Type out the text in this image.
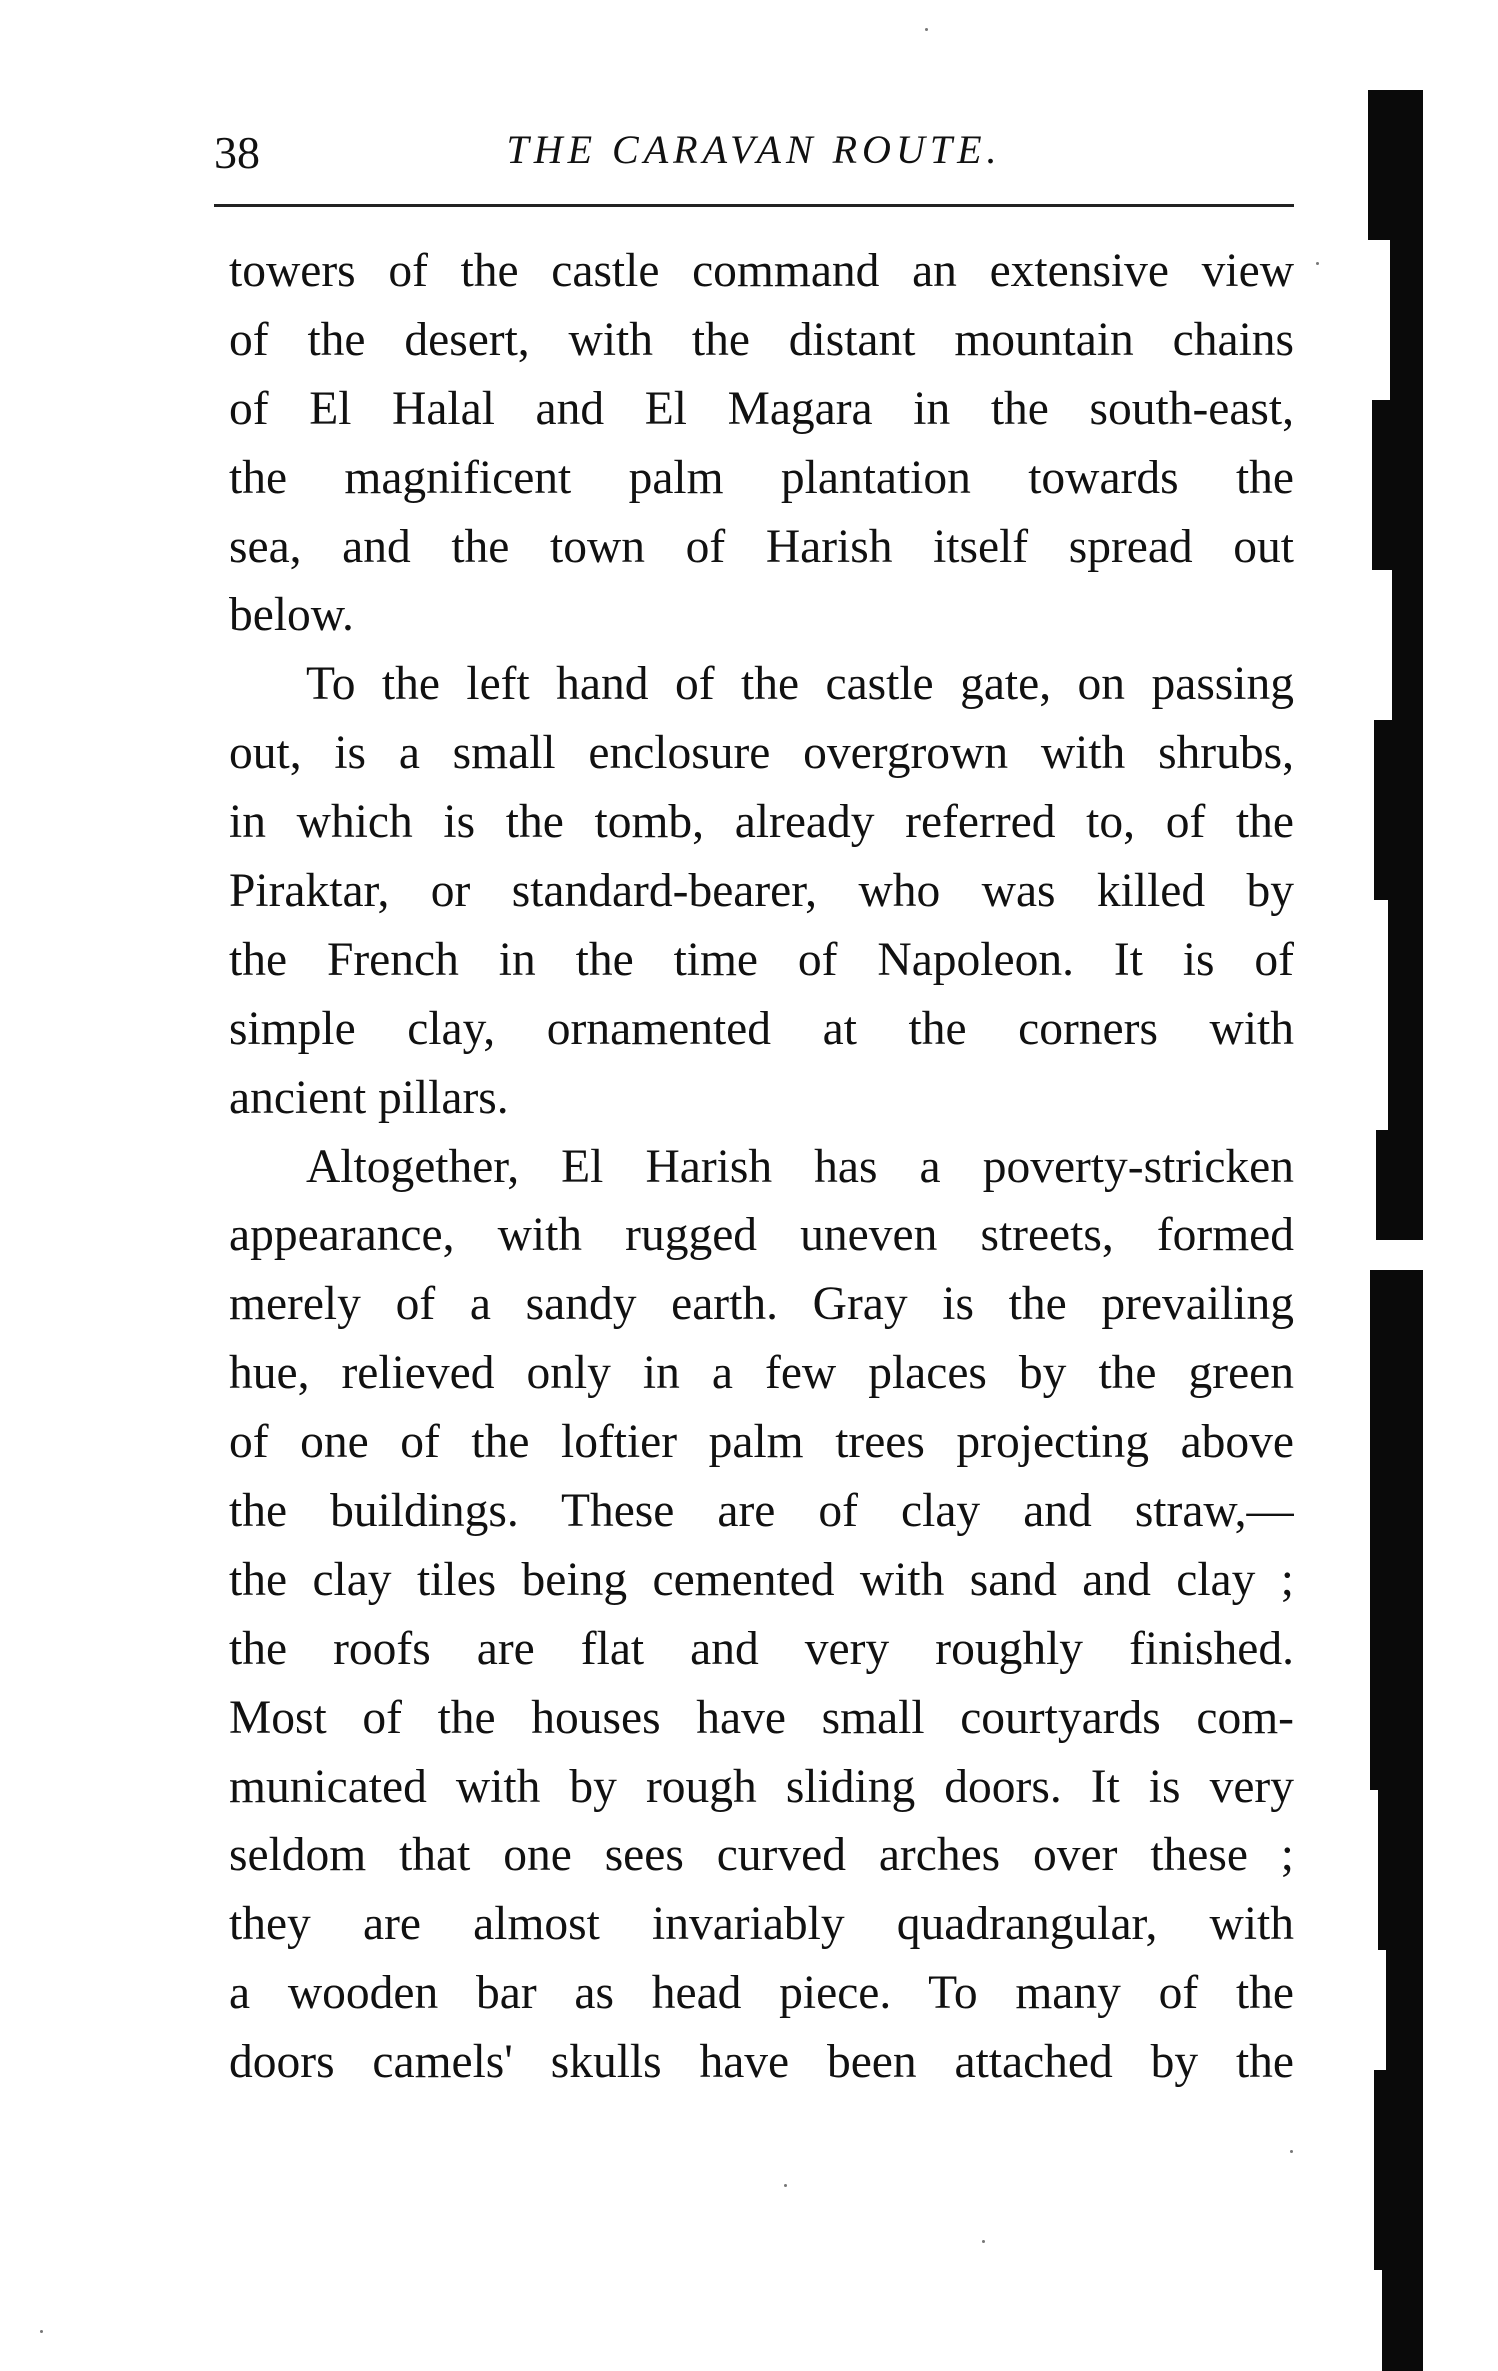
38	THE CARAVAN ROUTE.
towers of the castle command an extensive view
of the desert, with the distant mountain chains
of El Halal and El Magara in the south-east,
the magnificent palm plantation towards the
sea, and the town of Harish itself spread out
below.
To the left hand of the castle gate, on passing
out, is a small enclosure overgrown with shrubs,
in which is the tomb, already referred to, of the
Piraktar, or standard-bearer, who was killed by
the French in the time of Napoleon. It is of
simple clay, ornamented at the corners with
ancient pillars.
Altogether, El Harish has a poverty-stricken
appearance, with rugged uneven streets, formed
merely of a sandy earth. Gray is the prevailing
hue, relieved only in a few places by the green
of one of the loftier palm trees projecting above
the buildings. These are of clay and straw,—
the clay tiles being cemented with sand and clay ;
the roofs are flat and very roughly finished.
Most of the houses have small courtyards com-
municated with by rough sliding doors. It is very
seldom that one sees curved arches over these ;
they are almost invariably quadrangular, with
a wooden bar as head piece. To many of the
doors camels' skulls have been attached by the
